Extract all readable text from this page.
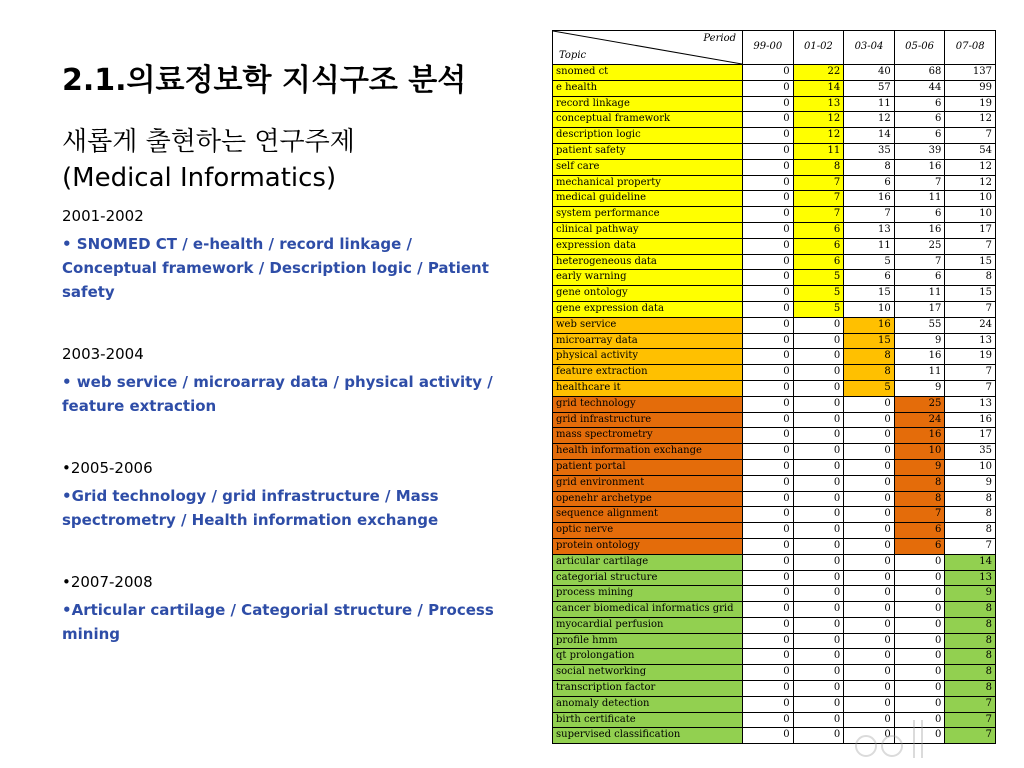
2.1.의료정보학 지식구조 분석
새롭게 출현하는 연구주제
(Medical Informatics)
2001-2002
• SNOMED CT / e-health / record linkage / Conceptual framework / Description logic / Patient safety
2003-2004
• web service / microarray data / physical activity / feature extraction
•2005-2006
•Grid technology / grid infrastructure / Mass spectrometry / Health information exchange
•2007-2008
•Articular cartilage / Categorial structure / Process mining
Period
Topic	99-00	01-02	03-04	05-06	07-08
snomed ct	0	22	40	68	137
e health	0	14	57	44	99
record linkage	0	13	11	6	19
conceptual framework	0	12	12	6	12
description logic	0	12	14	6	7
patient safety	0	11	35	39	54
self care	0	8	8	16	12
mechanical property	0	7	6	7	12
medical guideline	0	7	16	11	10
system performance	0	7	7	6	10
clinical pathway	0	6	13	16	17
expression data	0	6	11	25	7
heterogeneous data	0	6	5	7	15
early warning	0	5	6	6	8
gene ontology	0	5	15	11	15
gene expression data	0	5	10	17	7
web service	0	0	16	55	24
microarray data	0	0	15	9	13
physical activity	0	0	8	16	19
feature extraction	0	0	8	11	7
healthcare it	0	0	5	9	7
grid technology	0	0	0	25	13
grid infrastructure	0	0	0	24	16
mass spectrometry	0	0	0	16	17
health information exchange	0	0	0	10	35
patient portal	0	0	0	9	10
grid environment	0	0	0	8	9
openehr archetype	0	0	0	8	8
sequence alignment	0	0	0	7	8
optic nerve	0	0	0	6	8
protein ontology	0	0	0	6	7
articular cartilage	0	0	0	0	14
categorial structure	0	0	0	0	13
process mining	0	0	0	0	9
cancer biomedical informatics grid	0	0	0	0	8
myocardial perfusion	0	0	0	0	8
profile hmm	0	0	0	0	8
qt prolongation	0	0	0	0	8
social networking	0	0	0	0	8
transcription factor	0	0	0	0	8
anomaly detection	0	0	0	0	7
birth certificate	0	0	0	0	7
supervised classification	0	0	0	0	7
